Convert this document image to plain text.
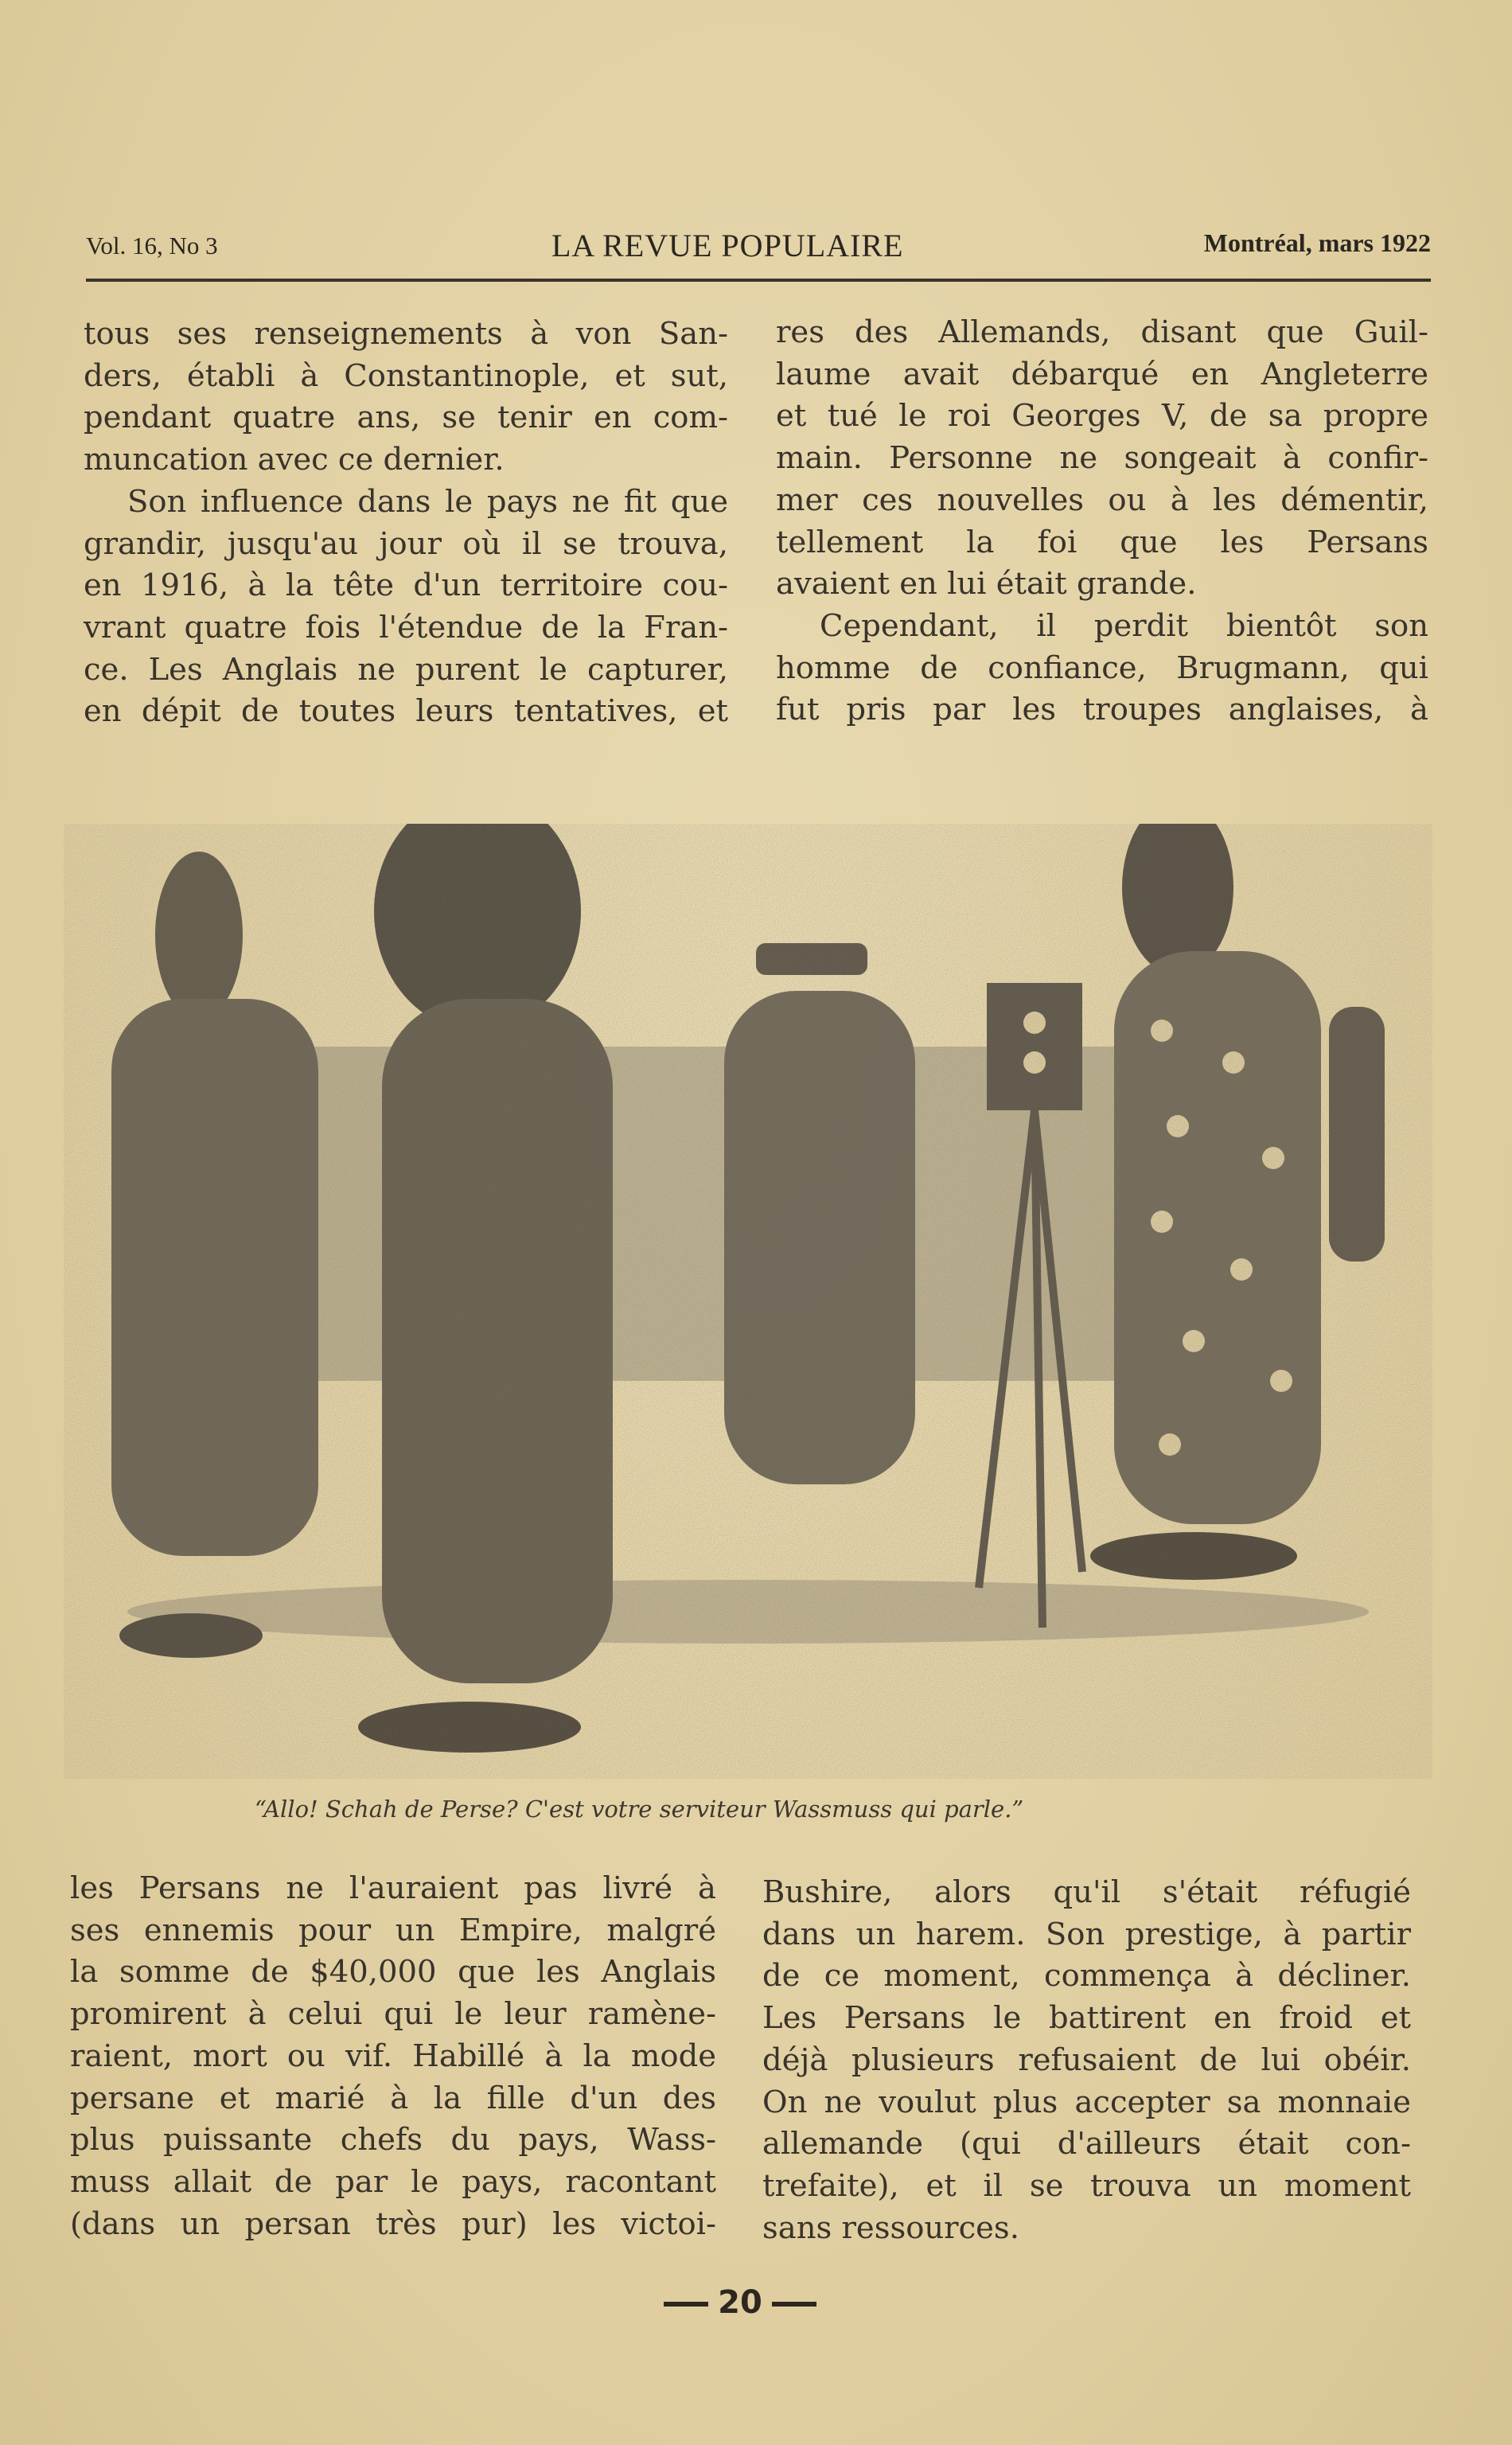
Vol. 16, No 3	LA REVUE POPULAIRE	Montréal, mars 1922
tous ses renseignements à von San-
ders, établi à Constantinople, et sut,
pendant quatre ans, se tenir en com-
muncation avec ce dernier.
Son influence dans le pays ne fit que
grandir, jusqu'au jour où il se trouva,
en 1916, à la tête d'un territoire cou-
vrant quatre fois l'étendue de la Fran-
ce. Les Anglais ne purent le capturer,
en dépit de toutes leurs tentatives, et
res des Allemands, disant que Guil-
laume avait débarqué en Angleterre
et tué le roi Georges V, de sa propre
main. Personne ne songeait à confir-
mer ces nouvelles ou à les démentir,
tellement la foi que les Persans
avaient en lui était grande.
Cependant, il perdit bientôt son
homme de confiance, Brugmann, qui
fut pris par les troupes anglaises, à
“Allo! Schah de Perse? C'est votre serviteur Wassmuss qui parle.”
les Persans ne l'auraient pas livré à
ses ennemis pour un Empire, malgré
la somme de $40,000 que les Anglais
promirent à celui qui le leur ramène-
raient, mort ou vif. Habillé à la mode
persane et marié à la fille d'un des
plus puissante chefs du pays, Wass-
muss allait de par le pays, racontant
(dans un persan très pur) les victoi-
Bushire, alors qu'il s'était réfugié
dans un harem. Son prestige, à partir
de ce moment, commença à décliner.
Les Persans le battirent en froid et
déjà plusieurs refusaient de lui obéir.
On ne voulut plus accepter sa monnaie
allemande (qui d'ailleurs était con-
trefaite), et il se trouva un moment
sans ressources.
20
